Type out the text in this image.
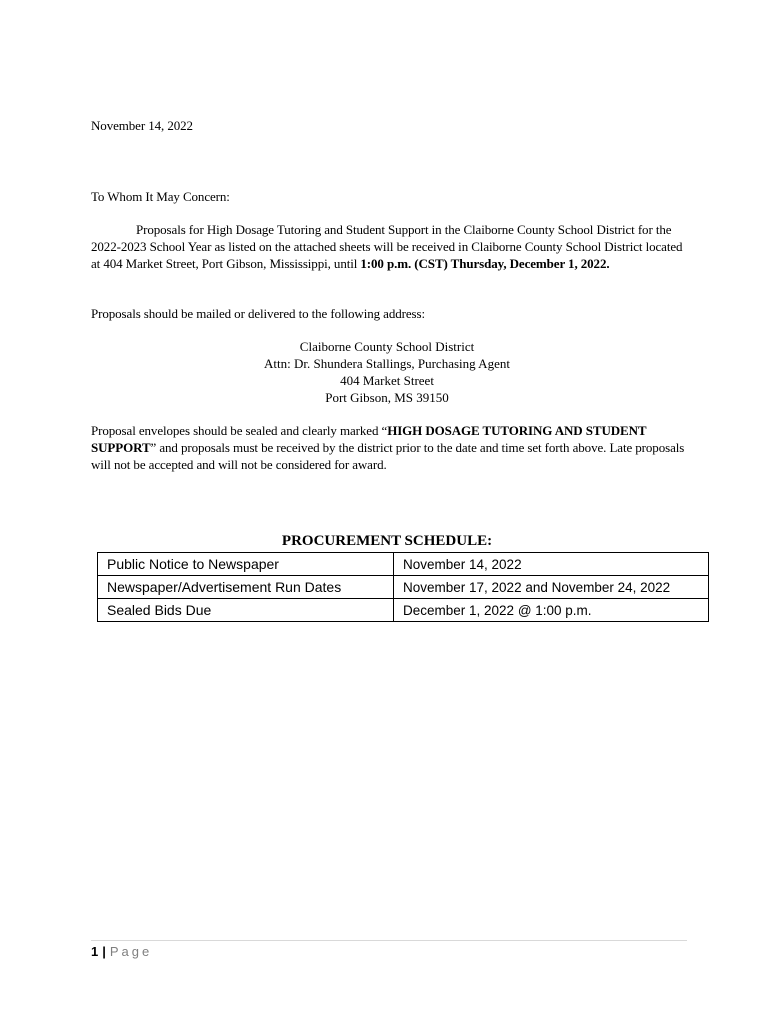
November 14, 2022
To Whom It May Concern:
Proposals for High Dosage Tutoring and Student Support in the Claiborne County School District for the 2022-2023 School Year as listed on the attached sheets will be received in Claiborne County School District located at 404 Market Street, Port Gibson, Mississippi, until 1:00 p.m. (CST) Thursday, December 1, 2022.
Proposals should be mailed or delivered to the following address:
Claiborne County School District
Attn: Dr. Shundera Stallings, Purchasing Agent
404 Market Street
Port Gibson, MS 39150
Proposal envelopes should be sealed and clearly marked “HIGH DOSAGE TUTORING AND STUDENT SUPPORT” and proposals must be received by the district prior to the date and time set forth above. Late proposals will not be accepted and will not be considered for award.
PROCUREMENT SCHEDULE:
Public Notice to Newspaper	November 14, 2022
Newspaper/Advertisement Run Dates	November 17, 2022 and November 24, 2022
Sealed Bids Due	December 1, 2022 @ 1:00 p.m.
1 | Page
